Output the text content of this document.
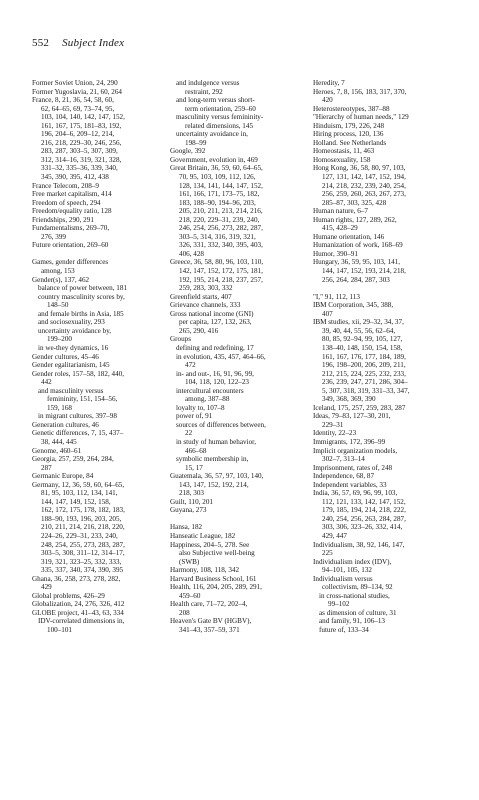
552 Subject Index
Former Soviet Union, 24, 290
Former Yugoslavia, 21, 60, 264
France, 8, 21, 36, 54, 58, 60,
62, 64–65, 69, 73–74, 95,
103, 104, 140, 142, 147, 152,
161, 167, 175, 181–83, 192,
196, 204–6, 209–12, 214,
216, 218, 229–30, 246, 256,
283, 287, 303–5, 307, 309,
312, 314–16, 319, 321, 328,
331–32, 335–36, 339, 340,
345, 390, 395, 412, 438
France Telecom, 208–9
Free market capitalism, 414
Freedom of speech, 294
Freedom/equality ratio, 128
Friendships, 290, 291
Fundamentalisms, 269–70,
276, 399
Future orientation, 269–60
Games, gender differences
among, 153
Gender(s), 137, 462
balance of power between, 181
country masculinity scores by,
148–50
and female births in Asia, 185
and sociosexuality, 293
uncertainty avoidance by,
199–200
in we-they dynamics, 16
Gender cultures, 45–46
Gender egalitarianism, 145
Gender roles, 157–58, 182, 440,
442
and masculinity versus
femininity, 151, 154–56,
159, 168
in migrant cultures, 397–98
Generation cultures, 46
Genetic differences, 7, 15, 437–
38, 444, 445
Genome, 460–61
Georgia, 257, 259, 264, 284,
287
Germanic Europe, 84
Germany, 12, 36, 59, 60, 64–65,
81, 95, 103, 112, 134, 141,
144, 147, 149, 152, 158,
162, 172, 175, 178, 182, 183,
188–90, 193, 196, 203, 205,
210, 211, 214, 216, 218, 220,
224–26, 229–31, 233, 240,
248, 254, 255, 273, 283, 287,
303–5, 308, 311–12, 314–17,
319, 321, 323–25, 332, 333,
335, 337, 340, 374, 390, 395
Ghana, 36, 258, 273, 278, 282,
429
Global problems, 426–29
Globalization, 24, 276, 326, 412
GLOBE project, 41–43, 63, 334
IDV-correlated dimensions in,
100–101
and indulgence versus
restraint, 292
and long-term versus short-
term orientation, 259–60
masculinity versus femininity-
related dimensions, 145
uncertainty avoidance in,
198–99
Google, 392
Government, evolution in, 469
Great Britain, 36, 59, 60, 64–65,
70, 95, 103, 109, 112, 126,
128, 134, 141, 144, 147, 152,
161, 166, 171, 173–75, 182,
183, 188–90, 194–96, 203,
205, 210, 211, 213, 214, 216,
218, 220, 229–31, 239, 240,
246, 254, 256, 273, 282, 287,
303–5, 314, 316, 319, 321,
326, 331, 332, 340, 395, 403,
406, 428
Greece, 36, 58, 80, 96, 103, 110,
142, 147, 152, 172, 175, 181,
192, 195, 214, 218, 237, 257,
259, 283, 303, 332
Greenfield starts, 407
Grievance channels, 333
Gross national income (GNI)
per capita, 127, 132, 263,
265, 290, 416
Groups
defining and redefining, 17
in evolution, 435, 457, 464–66,
472
in- and out-, 16, 91, 96, 99,
104, 118, 120, 122–23
intercultural encounters
among, 387–88
loyalty to, 107–8
power of, 91
sources of differences between,
22
in study of human behavior,
466–68
symbolic membership in,
15, 17
Guatemala, 36, 57, 97, 103, 140,
143, 147, 152, 192, 214,
218, 303
Guilt, 110, 201
Guyana, 273
Hansa, 182
Hanseatic League, 182
Happiness, 204–5, 278. See
also Subjective well-being
(SWB)
Harmony, 108, 118, 342
Harvard Business School, 161
Health, 116, 204, 205, 289, 291,
459–60
Health care, 71–72, 202–4,
208
Heaven's Gate BV (HGBV),
341–43, 357–59, 371
Heredity, 7
Heroes, 7, 8, 156, 183, 317, 370,
420
Heterostereotypes, 387–88
"Hierarchy of human needs," 129
Hinduism, 179, 226, 248
Hiring process, 120, 136
Holland. See Netherlands
Homeostasis, 11, 463
Homosexuality, 158
Hong Kong, 36, 58, 80, 97, 103,
127, 131, 142, 147, 152, 194,
214, 218, 232, 239, 240, 254,
256, 259, 260, 263, 267, 273,
285–87, 303, 325, 428
Human nature, 6–7
Human rights, 127, 289, 262,
415, 428–29
Humane orientation, 146
Humanization of work, 168–69
Humor, 390–91
Hungary, 36, 59, 95, 103, 141,
144, 147, 152, 193, 214, 218,
256, 264, 284, 287, 303
"I," 91, 112, 113
IBM Corporation, 345, 388,
407
IBM studies, xii, 29–32, 34, 37,
39, 40, 44, 55, 56, 62–64,
80, 85, 92–94, 99, 105, 127,
138–40, 148, 150, 154, 158,
161, 167, 176, 177, 184, 189,
196, 198–200, 206, 209, 211,
212, 215, 224, 225, 232, 233,
236, 239, 247, 271, 286, 304–
5, 307, 318, 319, 331–33, 347,
349, 368, 369, 390
Iceland, 175, 257, 259, 283, 287
Ideas, 79–83, 127–30, 201,
229–31
Identity, 22–23
Immigrants, 172, 396–99
Implicit organization models,
302–7, 313–14
Imprisonment, rates of, 248
Independence, 68, 87
Independent variables, 33
India, 36, 57, 69, 96, 99, 103,
112, 121, 133, 142, 147, 152,
179, 185, 194, 214, 218, 222,
240, 254, 256, 263, 284, 287,
303, 306, 323–26, 332, 414,
429, 447
Individualism, 38, 92, 146, 147,
225
Individualism index (IDV),
94–101, 105, 132
Individualism versus
collectivism, 89–134, 92
in cross-national studies,
99–102
as dimension of culture, 31
and family, 91, 106–13
future of, 133–34
